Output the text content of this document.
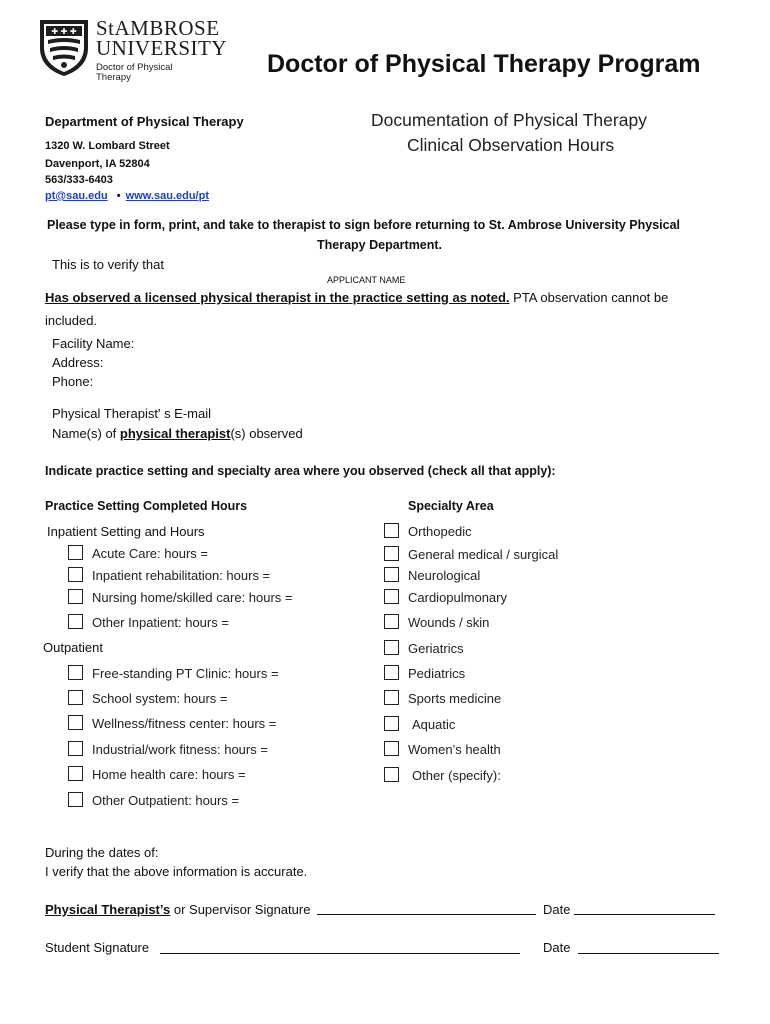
✚ ✚ ✚ StAMBROSE
UNIVERSITY
Doctor of Physical
Therapy	Doctor of Physical Therapy Program
Department of Physical Therapy
1320 W. Lombard Street
Davenport, IA 52804
563/333-6403
pt@sau.edu • www.sau.edu/pt
Documentation of Physical Therapy
Clinical Observation Hours
Please type in form, print, and take to therapist to sign before returning to St. Ambrose University Physical
Therapy Department.
This is to verify that
APPLICANT NAME
Has observed a licensed physical therapist in the practice setting as noted. PTA observation cannot be
included.
Facility Name:
Address:
Phone:
Physical Therapist' s E-mail
Name(s) of physical therapist(s) observed
Indicate practice setting and specialty area where you observed (check all that apply):
Practice Setting Completed Hours	Specialty Area
Inpatient Setting and Hours
Outpatient
Acute Care: hours =
Inpatient rehabilitation: hours =
Nursing home/skilled care: hours =
Other Inpatient: hours =
Free-standing PT Clinic: hours =
School system: hours =
Wellness/fitness center: hours =
Industrial/work fitness: hours =
Home health care: hours =
Other Outpatient: hours =
Orthopedic
General medical / surgical
Neurological
Cardiopulmonary
Wounds / skin
Geriatrics
Pediatrics
Sports medicine
Aquatic
Women’s health
Other (specify):
During the dates of:
I verify that the above information is accurate.
Physical Therapist’s or Supervisor Signature	Date
Student Signature	Date
